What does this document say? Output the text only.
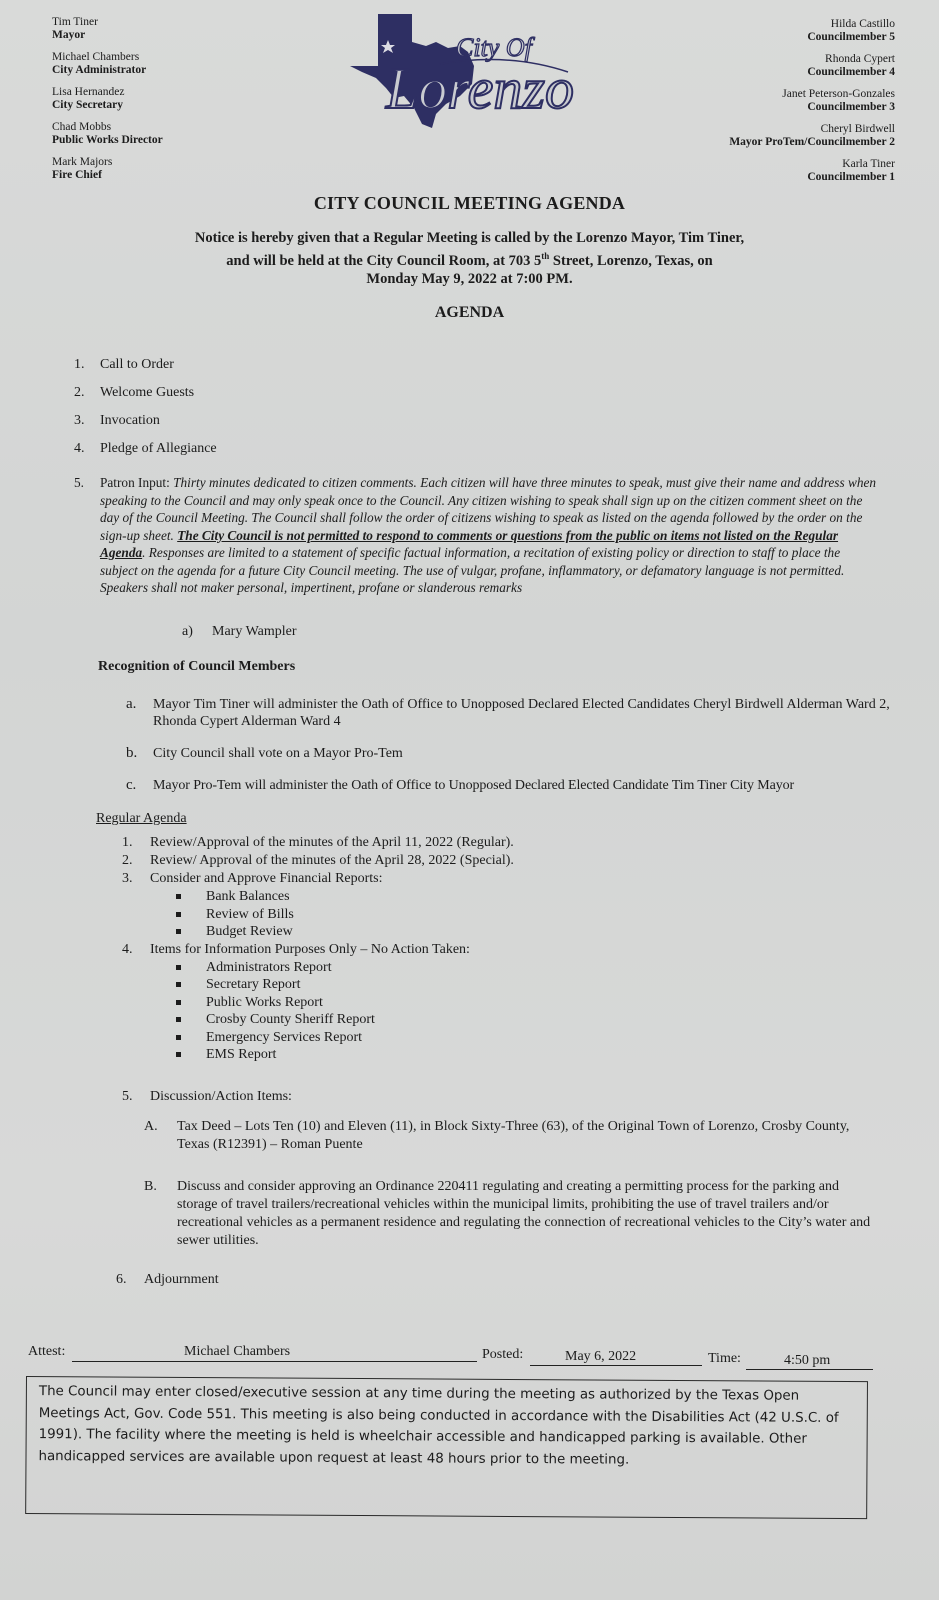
Tim Tiner
Mayor
Michael Chambers
City Administrator
Lisa Hernandez
City Secretary
Chad Mobbs
Public Works Director
Mark Majors
Fire Chief
City Of
Lorenzo
Hilda Castillo
Councilmember 5
Rhonda Cypert
Councilmember 4
Janet Peterson-Gonzales
Councilmember 3
Cheryl Birdwell
Mayor ProTem/Councilmember 2
Karla Tiner
Councilmember 1
CITY COUNCIL MEETING AGENDA
Notice is hereby given that a Regular Meeting is called by the Lorenzo Mayor, Tim Tiner,
and will be held at the City Council Room, at 703 5th Street, Lorenzo, Texas, on
Monday May 9, 2022 at 7:00 PM.
AGENDA
1.	Call to Order
2.	Welcome Guests
3.	Invocation
4.	Pledge of Allegiance
5. Patron Input: Thirty minutes dedicated to citizen comments. Each citizen will have three minutes to speak, must give their name and address when speaking to the Council and may only speak once to the Council. Any citizen wishing to speak shall sign up on the citizen comment sheet on the day of the Council Meeting. The Council shall follow the order of citizens wishing to speak as listed on the agenda followed by the order on the sign-up sheet. The City Council is not permitted to respond to comments or questions from the public on items not listed on the Regular Agenda. Responses are limited to a statement of specific factual information, a recitation of existing policy or direction to staff to place the subject on the agenda for a future City Council meeting. The use of vulgar, profane, inflammatory, or defamatory language is not permitted. Speakers shall not maker personal, impertinent, profane or slanderous remarks
a) Mary Wampler
Recognition of Council Members
a. Mayor Tim Tiner will administer the Oath of Office to Unopposed Declared Elected Candidates Cheryl Birdwell Alderman Ward 2, Rhonda Cypert Alderman Ward 4
b. City Council shall vote on a Mayor Pro-Tem
c. Mayor Pro-Tem will administer the Oath of Office to Unopposed Declared Elected Candidate Tim Tiner City Mayor
Regular Agenda
1. Review/Approval of the minutes of the April 11, 2022 (Regular).
2. Review/ Approval of the minutes of the April 28, 2022 (Special).
3. Consider and Approve Financial Reports:
Bank Balances
Review of Bills
Budget Review
4. Items for Information Purposes Only – No Action Taken:
Administrators Report
Secretary Report
Public Works Report
Crosby County Sheriff Report
Emergency Services Report
EMS Report
5. Discussion/Action Items:
A. Tax Deed – Lots Ten (10) and Eleven (11), in Block Sixty-Three (63), of the Original Town of Lorenzo, Crosby County, Texas (R12391) – Roman Puente
B. Discuss and consider approving an Ordinance 220411 regulating and creating a permitting process for the parking and storage of travel trailers/recreational vehicles within the municipal limits, prohibiting the use of travel trailers and/or recreational vehicles as a permanent residence and regulating the connection of recreational vehicles to the City’s water and sewer utilities.
6. Adjournment
Attest:	Michael Chambers	Posted:	May 6, 2022	Time:	4:50 pm
The Council may enter closed/executive session at any time during the meeting as authorized by the Texas Open Meetings Act, Gov. Code 551. This meeting is also being conducted in accordance with the Disabilities Act (42 U.S.C. of 1991). The facility where the meeting is held is wheelchair accessible and handicapped parking is available. Other handicapped services are available upon request at least 48 hours prior to the meeting.
